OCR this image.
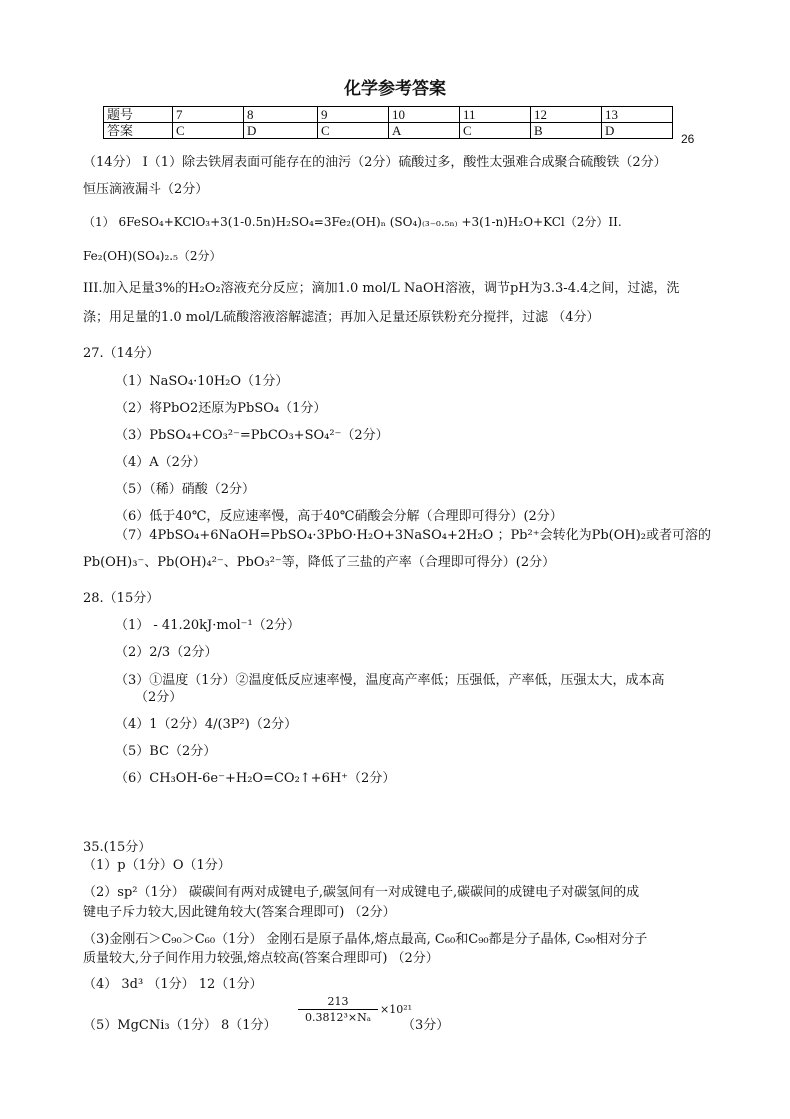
化学参考答案
题号	7	8	9	10	11	12	13
答案	C	D	C	A	C	B	D
26
（14分） Ⅰ（1）除去铁屑表面可能存在的油污（2分）硫酸过多，酸性太强难合成聚合硫酸铁（2分）
恒压滴液漏斗（2分）
（1） 6FeSO₄+KClO₃+3(1-0.5n)H₂SO₄=3Fe₂(OH)ₙ (SO₄)₍₃₋₀.₅ₙ₎ +3(1-n)H₂O+KCl（2分）II.
Fe₂(OH)(SO₄)₂.₅（2分）
III.加入足量3%的H₂O₂溶液充分反应；滴加1.0 mol/L NaOH溶液，调节pH为3.3-4.4之间，过滤，洗
涤；用足量的1.0 mol/L硫酸溶液溶解滤渣；再加入足量还原铁粉充分搅拌，过滤 （4分）
27.（14分）
（1）NaSO₄·10H₂O（1分）
（2）将PbO2还原为PbSO₄（1分）
（3）PbSO₄+CO₃²⁻=PbCO₃+SO₄²⁻（2分）
（4）A（2分）
（5）（稀）硝酸（2分）
（6）低于40℃，反应速率慢，高于40℃硝酸会分解（合理即可得分）(2分）
（7）4PbSO₄+6NaOH=PbSO₄·3PbO·H₂O+3NaSO₄+2H₂O ；Pb²⁺会转化为Pb(OH)₂或者可溶的
Pb(OH)₃⁻、Pb(OH)₄²⁻、PbO₃²⁻等，降低了三盐的产率（合理即可得分）(2分）
28.（15分）
（1） - 41.20kJ·mol⁻¹（2分）
（2）2/3（2分）
（3）①温度（1分）②温度低反应速率慢，温度高产率低；压强低，产率低，压强太大，成本高
（2分）
（4）1（2分）4/(3P²)（2分）
（5）BC（2分）
（6）CH₃OH-6e⁻+H₂O=CO₂↑+6H⁺（2分）
35.(15分）
（1）p（1分）O（1分）
（2）sp²（1分） 碳碳间有两对成键电子,碳氢间有一对成键电子,碳碳间的成键电子对碳氢间的成
键电子斥力较大,因此键角较大(答案合理即可) （2分）
（3)金刚石＞C₉₀＞C₆₀（1分） 金刚石是原子晶体,熔点最高, C₆₀和C₉₀都是分子晶体, C₉₀相对分子
质量较大,分子间作用力较强,熔点较高(答案合理即可) （2分）
（4） 3d³ （1分） 12（1分）
（5）MgCNi₃（1分） 8（1分）
$\frac{213}{\text{0.3812³×Nₐ}} \times 10^{21}$
（3分）
